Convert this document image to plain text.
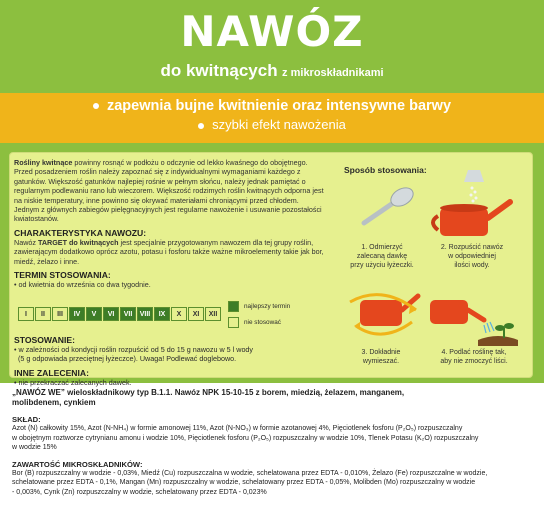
NAWÓZ
do kwitnących z mikroskładnikami
zapewnia bujne kwitnienie oraz intensywne barwy
szybki efekt nawożenia

Rośliny kwitnące powinny rosnąć w podłożu o odczynie od lekko kwaśnego do obojętnego. Przed posadzeniem roślin należy zapoznać się z indywidualnymi wymaganiami każdego z gatunków. Większość gatunków najlepiej rośnie w pełnym słońcu, należy jednak pamiętać o regularnym podlewaniu rano lub wieczorem. Większość rodzimych roślin kwitnących odporna jest na niskie temperatury, inne powinno się okrywać materiałami chroniącymi przed chłodem. Jednym z głównych zabiegów pielęgnacyjnych jest regularne nawożenie i usuwanie pozostałości kwiatostanów.

CHARAKTERYSTYKA NAWOZU:

Nawóz TARGET do kwitnących jest specjalnie przygotowanym nawozem dla tej grupy roślin, zawierającym dodatkowo oprócz azotu, potasu i fosforu także ważne mikroelementy takie jak bor, miedź, żelazo i inne.

TERMIN STOSOWANIA:

• od kwietnia do września co dwa tygodnie.

I	II	III	IV	V	VI	VII	VIII	IX	X	XI	XII
najlepszy termin
nie stosować
STOSOWANIE:
• w zależności od kondycji roślin rozpuścić od 5 do 15 g nawozu w 5 l wody
(5 g odpowiada przeciętnej łyżeczce). Uwaga! Podlewać doglebowo.
INNE ZALECENIA:
• nie przekraczać zalecanych dawek.
Sposób stosowania:
1. Odmierzyć
zalecaną dawkę
przy użyciu łyżeczki.
2. Rozpuścić nawóz
w odpowiedniej
ilości wody.
3. Dokładnie
wymieszać.
4. Podlać roślinę tak,
aby nie zmoczyć liści.
„NAWÓZ WE” wieloskładnikowy typ B.1.1. Nawóz NPK 15-10-15 z borem, miedzią, żelazem, manganem,
molibdenem, cynkiem
SKŁAD:
Azot (N) całkowity 15%, Azot (N-NH₄) w formie amonowej 11%, Azot (N-NO₃) w formie azotanowej 4%, Pięciotlenek fosforu (P₂O₅) rozpuszczalny
w obojętnym roztworze cytrynianu amonu i wodzie 10%, Pięciotlenek fosforu (P₂O₅) rozpuszczalny w wodzie 10%, Tlenek Potasu (K₂O) rozpuszczalny
w wodzie 15%
ZAWARTOŚĆ MIKROSKŁADNIKÓW:
Bor (B) rozpuszczalny w wodzie - 0,03%, Miedź (Cu) rozpuszczalna w wodzie, schelatowana przez EDTA - 0,010%, Żelazo (Fe) rozpuszczalne w wodzie,
schelatowane przez EDTA - 0,1%, Mangan (Mn) rozpuszczalny w wodzie, schelatowany przez EDTA - 0,05%, Molibden (Mo) rozpuszczalny w wodzie
- 0,003%, Cynk (Zn) rozpuszczalny w wodzie, schelatowany przez EDTA - 0,023%
